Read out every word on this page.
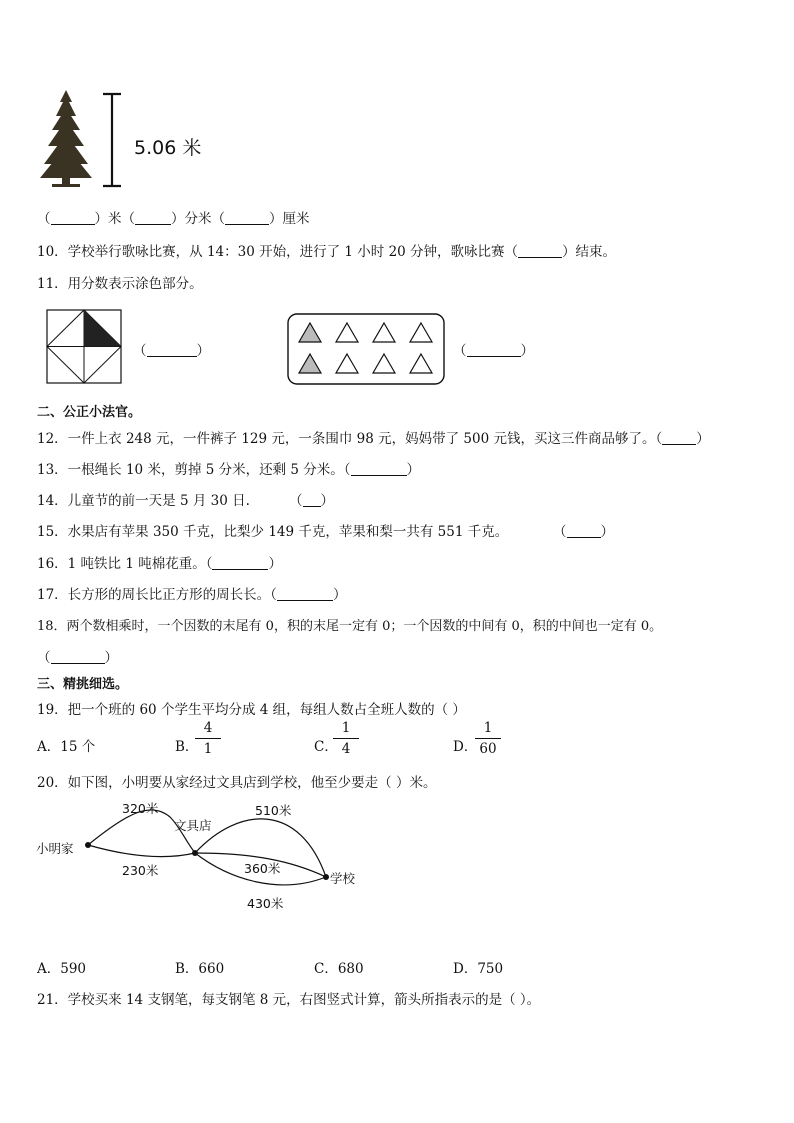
5.06 米
（	）米（	）分米（	）厘米
10．学校举行歌咏比赛，从 14：30 开始，进行了 1 小时 20 分钟，歌咏比赛（	）结束。
11．用分数表示涂色部分。
（	）	（	）
二、公正小法官。
12．一件上衣 248 元，一件裤子 129 元，一条围巾 98 元，妈妈带了 500 元钱，买这三件商品够了。（	）
13．一根绳长 10 米，剪掉 5 分米，还剩 5 分米。（	）
14．儿童节的前一天是 5 月 30 日.	（ ）
15．水果店有苹果 350 千克，比梨少 149 千克，苹果和梨一共有 551 千克。	（	）
16．1 吨铁比 1 吨棉花重。（	）
17．长方形的周长比正方形的周长长。（	）
18．两个数相乘时，一个因数的末尾有 0，积的末尾一定有 0；一个因数的中间有 0，积的中间也一定有 0。
（	）
三、精挑细选。
19．把一个班的 60 个学生平均分成 4 组，每组人数占全班人数的（ ）
A．15 个	B．
4
1	C．
1
4	D．
1
60
20．如下图，小明要从家经过文具店到学校，他至少要走（ ）米。
小明家
文具店
学校
320米
230米
510米
360米
430米
A．590	B．660	C．680	D．750
21．学校买来 14 支钢笔，每支钢笔 8 元，右图竖式计算，箭头所指表示的是（ ）。
